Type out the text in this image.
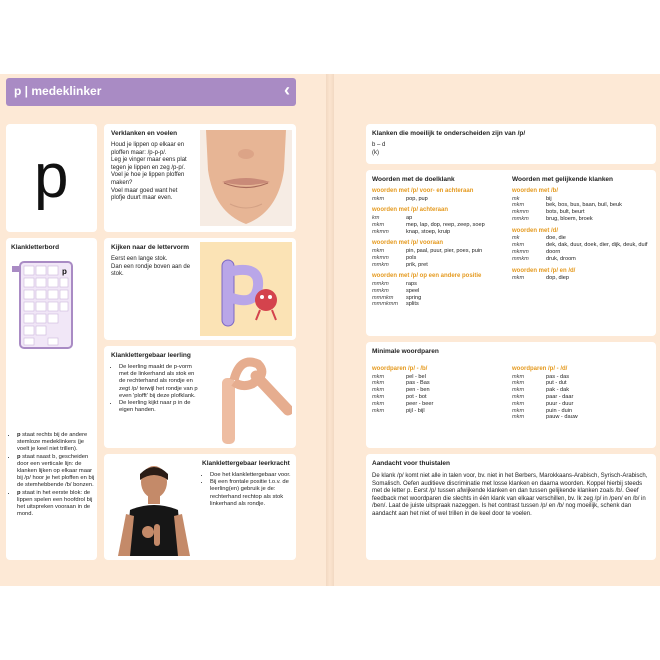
p | medeklinker	‹
p
Verklanken en voelen
Houd je lippen op elkaar en
ploffen maar: /p-p-p/.
Leg je vinger maar eens plat
tegen je lippen en zeg /p-p/.
Voel je hoe je lippen ploffen
maken?
Voel maar goed want het
plofje duurt maar even.
Klankletterbord
p
• p staat rechts bij de andere stemloze medeklinkers (je voelt je keel niet trillen).
• p staat naast b, gescheiden door een verticale lijn: de klanken lijken op elkaar maar bij /p/ hoor je het ploffen en bij de stemhebbende /b/ bonzen.
• p staat in het eerste blok: de lippen spelen een hoofdrol bij het uitspreken vooraan in de mond.
Kijken naar de lettervorm
Eerst een lange stok.
Dan een rondje boven aan de
stok.
Klanklettergebaar leerling
• De leerling maakt de p-vorm met de linkerhand als stok en de rechterhand als rondje en zegt /p/ terwijl het rondje van p even 'plofft' bij deze plofklank.
• De leerling kijkt naar p in de eigen handen.
Klanklettergebaar leerkracht
• Doe het klanklettergebaar voor.
• Bij een frontale positie t.o.v. de leerling(en) gebruik je de: rechterhand rechtop als stok linkerhand als rondje.
Klanken die moeilijk te onderscheiden zijn van /p/
b – d
(k)
Woorden met de doelklank
woorden met /p/ voor- en achteraan
mkm	pop, pup
woorden met /p/ achteraan
km	ap
mkm	mep, lap, dop, reep, zeep, soep
mkmm	knap, stoep, kruip
woorden met /p/ vooraan
mkm	pin, paal, puur, pier, poes, puin
mkmm	pols
mmkm	prik, pret
woorden met /p/ op een andere positie
mmkm	raps
mmkm	speel
mmmkm	spring
mmmkmm	splits
Woorden met gelijkende klanken
woorden met /b/
mk	bij
mkm	bek, bos, bus, baan, buil, beuk
mkmm	bots, bult, beurt
mmkm	brug, bloem, broek
woorden met /d/
mk	doe, die
mkm	dek, dak, duur, doek, dier, dijk, deuk, duif
mkmm	doorn
mmkm	druk, droom
woorden met /p/ en /d/
mkm	dop, diep
Minimale woordparen
woordparen /p/ - /b/
mkm	pel - bel
mkm	pas - Bas
mkm	pen - ben
mkm	pot - bot
mkm	peer - beer
mkm	pijl - bijl
woordparen /p/ - /d/
mkm	pas - das
mkm	put - dut
mkm	pak - dak
mkm	paar - daar
mkm	puur - duur
mkm	puin - duin
mkm	pauw - dauw
Aandacht voor thuistalen
De klank /p/ komt niet alle in talen voor, bv. niet in het Berbers, Marokkaans-Arabisch, Syrisch-Arabisch, Somalisch. Oefen auditieve discriminatie met losse klanken en daarna woorden. Koppel hierbij steeds met de letter p. Eerst /p/ tussen afwijkende klanken en dan tussen gelijkende klanken zoals /b/. Geef feedback met woordparen die slechts in één klank van elkaar verschillen, bv. Ik zeg /p/ in /pen/ en /b/ in /ben/. Laat de juiste uitspraak nazeggen. Is het contrast tussen /p/ en /b/ nog moeilijk, schenk dan aandacht aan het niet of wel trillen in de keel door te voelen.
